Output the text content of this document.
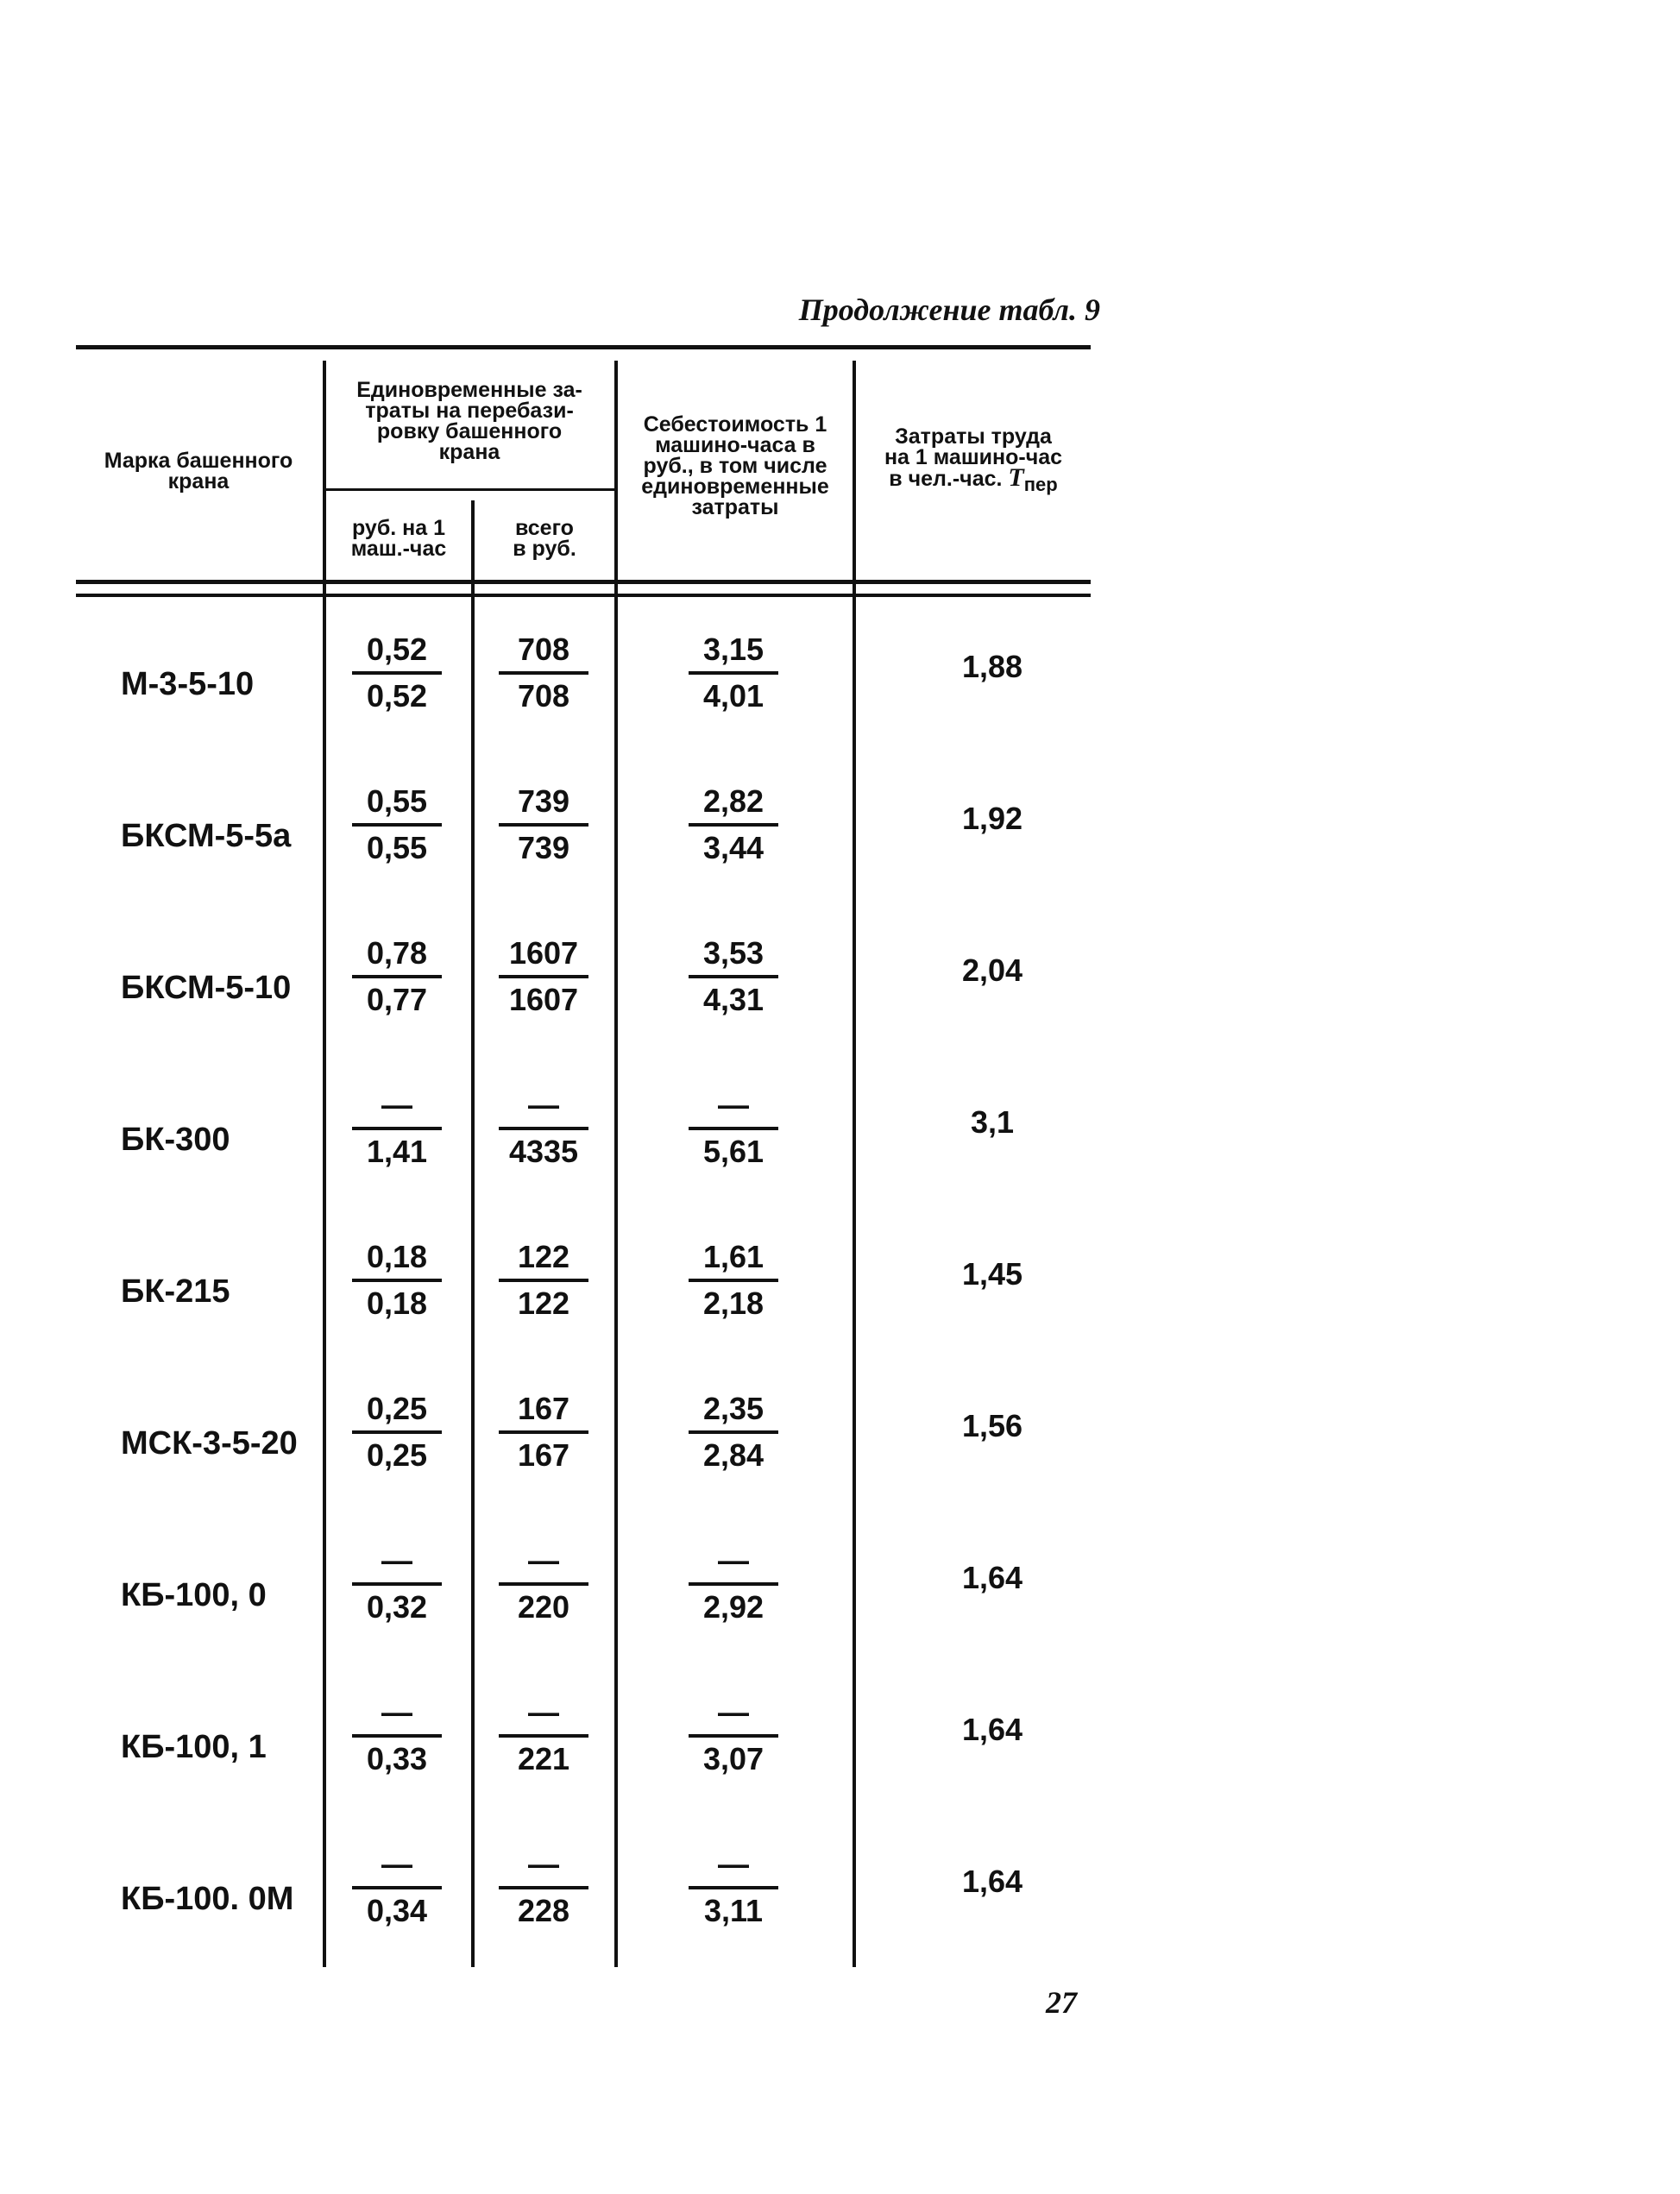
Продолжение табл. 9
Марка башенного
крана
Единовременные за-
траты на перебази-
ровку башенного
крана
руб. на 1
маш.-час
всего
в руб.
Себестоимость 1
машино-часа в
руб., в том числе
единовременные
затраты
Затраты труда
на 1 машино-час
в чел.-час. $T_{пер}$
М-3-5-10
0,52
0,52
708
708
3,15
4,01
1,88
БКСМ-5-5а
0,55
0,55
739
739
2,82
3,44
1,92
БКСМ-5-10
0,78
0,77
1607
1607
3,53
4,31
2,04
БК-300
—
1,41
—
4335
—
5,61
3,1
БК-215
0,18
0,18
122
122
1,61
2,18
1,45
МСК-3-5-20
0,25
0,25
167
167
2,35
2,84
1,56
КБ-100, 0
—
0,32
—
220
—
2,92
1,64
КБ-100, 1
—
0,33
—
221
—
3,07
1,64
КБ-100. 0М
—
0,34
—
228
—
3,11
1,64
27
